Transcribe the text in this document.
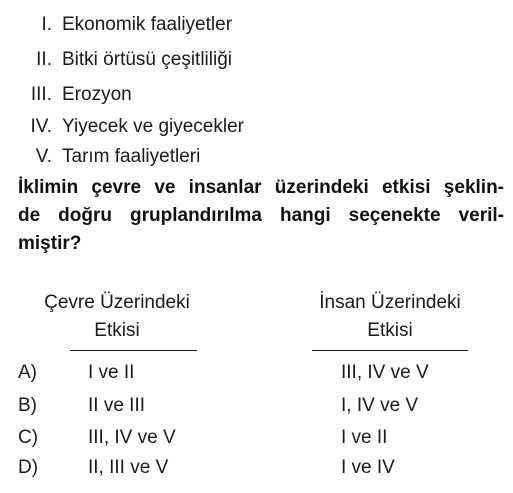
I. Ekonomik faaliyetler
II. Bitki örtüsü çeşitliliği
III. Erozyon
IV. Yiyecek ve giyecekler
V. Tarım faaliyetleri
İklimin çevre ve insanlar üzerindeki etkisi şeklin-
de doğru gruplandırılma hangi seçenekte veril-
miştir?
Çevre Üzerindeki
Etkisi
İnsan Üzerindeki
Etkisi
A)	I ve II	III, IV ve V
B)	II ve III	I, IV ve V
C)	III, IV ve V	I ve II
D)	II, III ve V	I ve IV
